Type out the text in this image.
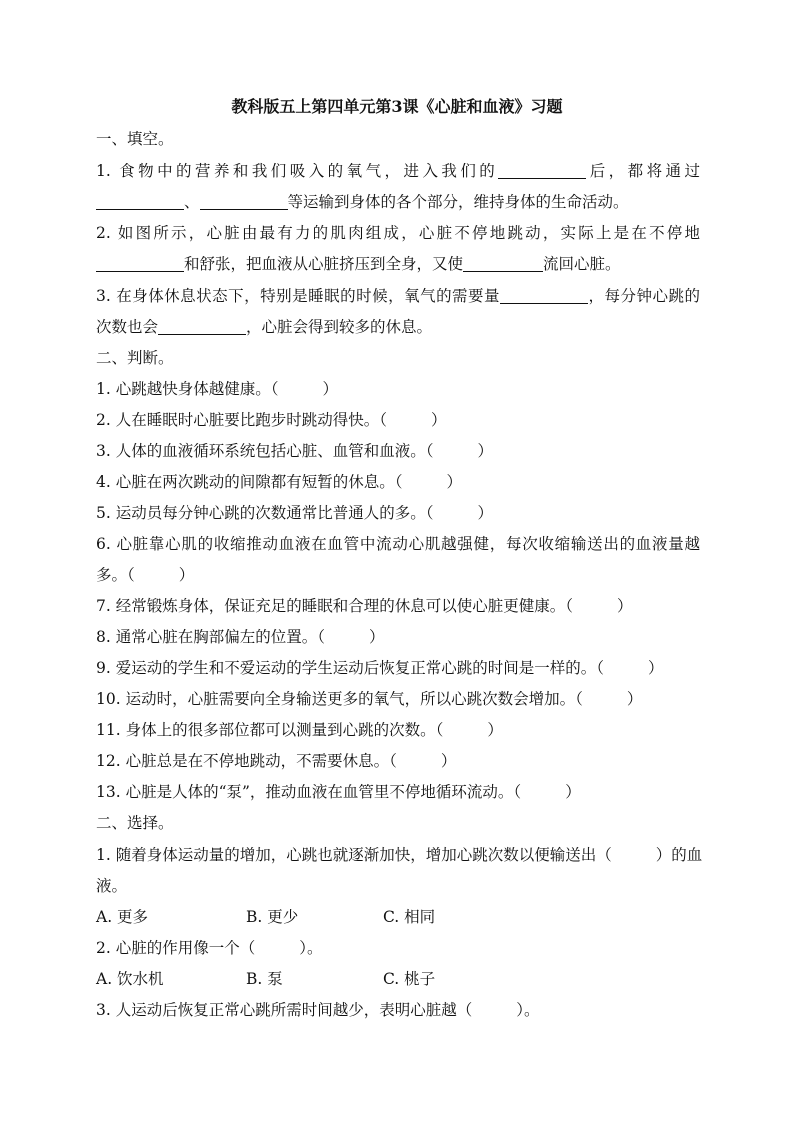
教科版五上第四单元第3课《心脏和血液》习题
一、填空。
1. 食物中的营养和我们吸入的氧气，进入我们的	后，都将通过
、	等运输到身体的各个部分，维持身体的生命活动。
2. 如图所示，心脏由最有力的肌肉组成，心脏不停地跳动，实际上是在不停地
和舒张，把血液从心脏挤压到全身，又使	流回心脏。
3. 在身体休息状态下，特别是睡眠的时候，氧气的需要量	，每分钟心跳的
次数也会	，心脏会得到较多的休息。
二、判断。
1. 心跳越快身体越健康。（	）
2. 人在睡眠时心脏要比跑步时跳动得快。（	）
3. 人体的血液循环系统包括心脏、血管和血液。（	）
4. 心脏在两次跳动的间隙都有短暂的休息。（	）
5. 运动员每分钟心跳的次数通常比普通人的多。（	）
6. 心脏靠心肌的收缩推动血液在血管中流动心肌越强健，每次收缩输送出的血液量越
多。（	）
7. 经常锻炼身体，保证充足的睡眠和合理的休息可以使心脏更健康。（	）
8. 通常心脏在胸部偏左的位置。（	）
9. 爱运动的学生和不爱运动的学生运动后恢复正常心跳的时间是一样的。（	）
10. 运动时，心脏需要向全身输送更多的氧气，所以心跳次数会增加。（	）
11. 身体上的很多部位都可以测量到心跳的次数。（	）
12. 心脏总是在不停地跳动，不需要休息。（	）
13. 心脏是人体的“泵”，推动血液在血管里不停地循环流动。（	）
二、选择。
1. 随着身体运动量的增加，心跳也就逐渐加快，增加心跳次数以便输送出（	）的血
液。
A. 更多	B. 更少	C. 相同
2. 心脏的作用像一个（	）。
A. 饮水机	B. 泵	C. 桃子
3. 人运动后恢复正常心跳所需时间越少，表明心脏越（	）。
